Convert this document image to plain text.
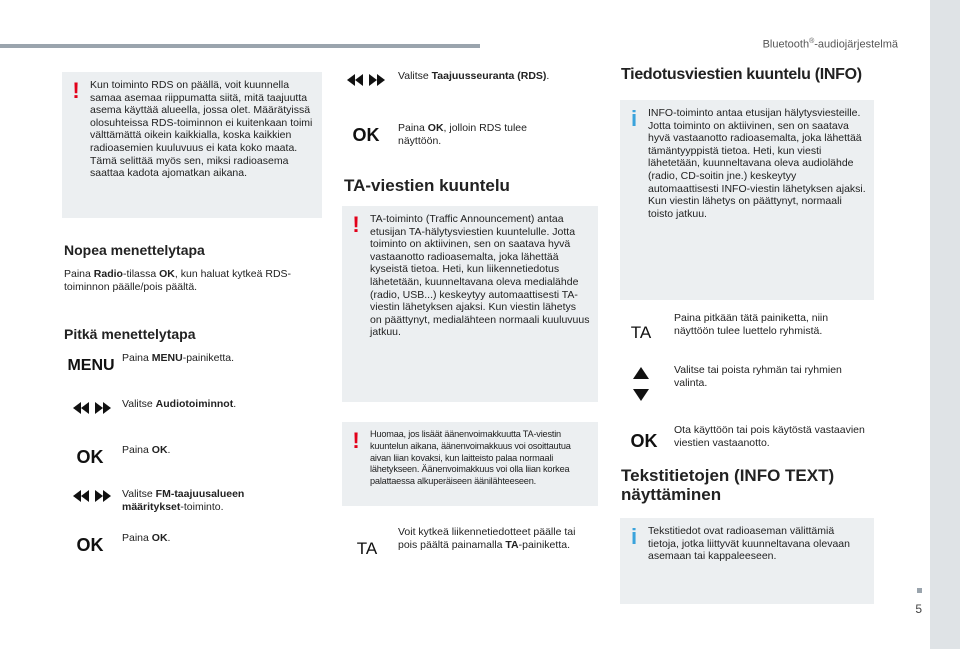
Bluetooth®-audiojärjestelmä
5
! Kun toiminto RDS on päällä, voit kuunnella samaa asemaa riippumatta siitä, mitä taajuutta asema käyttää alueella, jossa olet. Määrätyissä olosuhteissa RDS-toiminnon ei kuitenkaan toimi välttämättä oikein kaikkialla, koska kaikkien radioasemien kuuluvuus ei kata koko maata. Tämä selittää myös sen, miksi radioasema saattaa kadota ajomatkan aikana.
Nopea menettelytapa
Paina Radio-tilassa OK, kun haluat kytkeä RDS-toiminnon päälle/pois päältä.
Pitkä menettelytapa
MENU Paina MENU-painiketta.
Valitse Audiotoiminnot.
OK	Paina OK.
Valitse FM-taajuusalueen määritykset-toiminto.
OK	Paina OK.
Valitse Taajuusseuranta (RDS).
OK	Paina OK, jolloin RDS tulee näyttöön.
TA-viestien kuuntelu
! TA-toiminto (Traffic Announcement) antaa etusijan TA-hälytysviestien kuuntelulle. Jotta toiminto on aktiivinen, sen on saatava hyvä vastaanotto radioasemalta, joka lähettää kyseistä tietoa. Heti, kun liikennetiedotus lähetetään, kuunneltavana oleva medialähde (radio, USB...) keskeytyy automaattisesti TA-viestin lähetyksen ajaksi. Kun viestin lähetys on päättynyt, medialähteen normaali kuuluvuus jatkuu.
! Huomaa, jos lisäät äänenvoimakkuutta TA-viestin kuuntelun aikana, äänenvoimakkuus voi osoittautua aivan liian kovaksi, kun laitteisto palaa normaali lähetykseen. Äänenvoimakkuus voi olla liian korkea palattaessa alkuperäiseen äänilähteeseen.
TA
Voit kytkeä liikennetiedotteet päälle tai pois päältä painamalla TA-painiketta.
Tiedotusviestien kuuntelu (INFO)
i INFO-toiminto antaa etusijan hälytysviesteille. Jotta toiminto on aktiivinen, sen on saatava hyvä vastaanotto radioasemalta, joka lähettää tämäntyyppistä tietoa. Heti, kun viesti lähetetään, kuunneltavana oleva audiolähde (radio, CD-soitin jne.) keskeytyy automaattisesti INFO-viestin lähetyksen ajaksi. Kun viestin lähetys on päättynyt, normaali toisto jatkuu.
TA
Paina pitkään tätä painiketta, niin näyttöön tulee luettelo ryhmistä.
Valitse tai poista ryhmän tai ryhmien valinta.
OK
Ota käyttöön tai pois käytöstä vastaavien viestien vastaanotto.
Tekstitietojen (INFO TEXT) näyttäminen
i Tekstitiedot ovat radioaseman välittämiä tietoja, jotka liittyvät kuunneltavana olevaan asemaan tai kappaleeseen.
